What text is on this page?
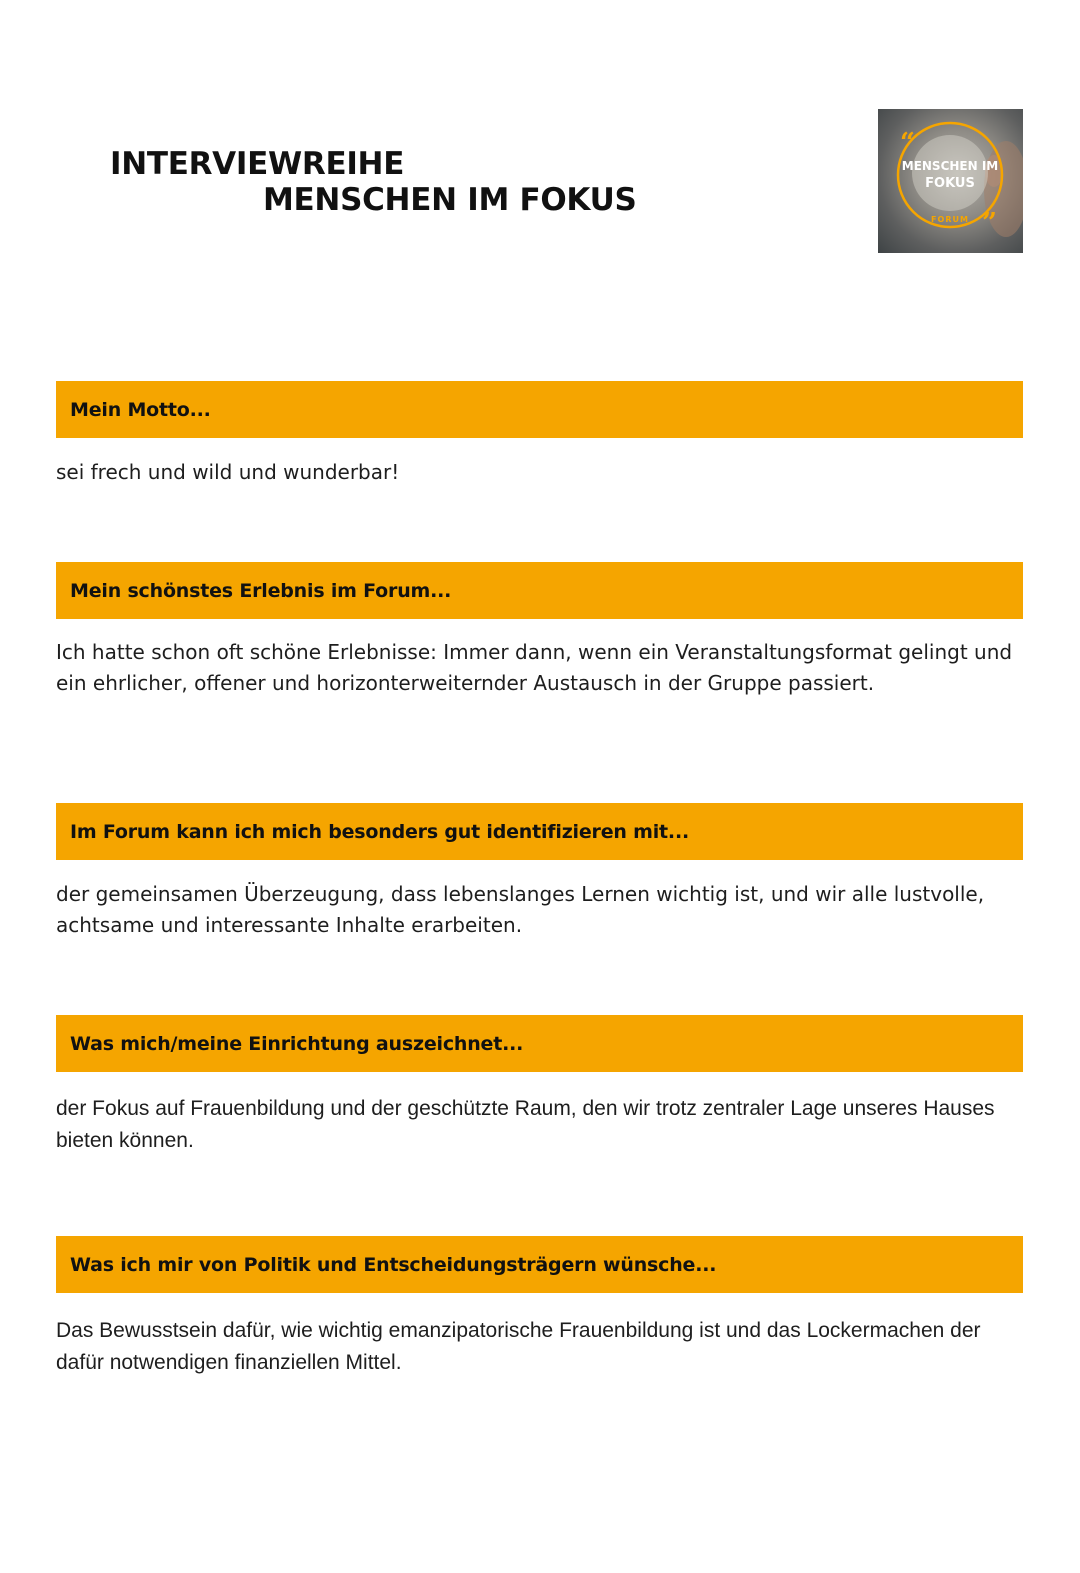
INTERVIEWREIHE
MENSCHEN IM FOKUS
“
”
MENSCHEN IM
FOKUS
FORUM
Mein Motto...
sei frech und wild und wunderbar!
Mein schönstes Erlebnis im Forum...
Ich hatte schon oft schöne Erlebnisse: Immer dann, wenn ein Veranstaltungsformat gelingt und ein ehrlicher, offener und horizonterweiternder Austausch in der Gruppe passiert.
Im Forum kann ich mich besonders gut identifizieren mit...
der gemeinsamen Überzeugung, dass lebenslanges Lernen wichtig ist, und wir alle lustvolle, achtsame und interessante Inhalte erarbeiten.
Was mich/meine Einrichtung auszeichnet...
der Fokus auf Frauenbildung und der geschützte Raum, den wir trotz zentraler Lage unseres Hauses bieten können.
Was ich mir von Politik und Entscheidungsträgern wünsche...
Das Bewusstsein dafür, wie wichtig emanzipatorische Frauenbildung ist und das Lockermachen der dafür notwendigen finanziellen Mittel.
